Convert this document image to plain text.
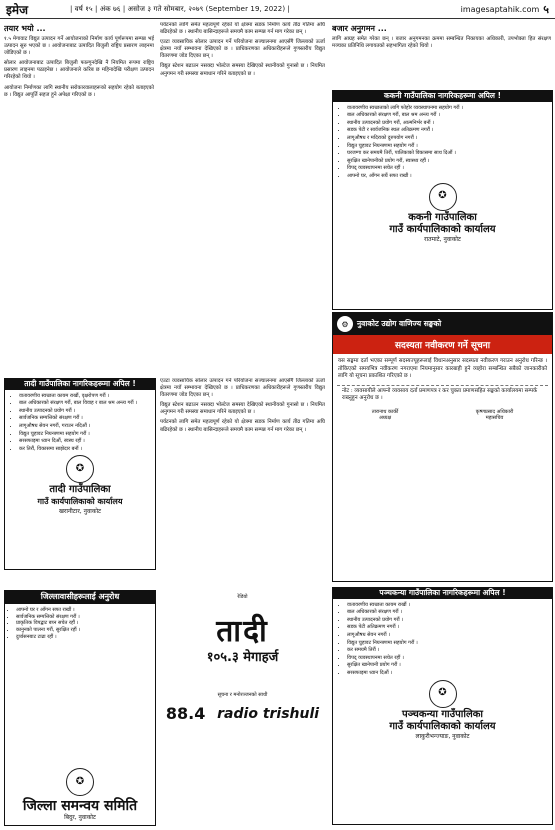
इमेज	| वर्ष १५ | अंक ७६ | असोज ३ गते सोमबार, २०७९ (September 19, 2022) |	imagesaptahik.com ५
तयार भयो ...

१.५ मेगावाट विद्युत उत्पादन गर्ने आयोजनाको निर्माण कार्य पूर्णरूपमा सम्पन्न भई उत्पादन सुरु भएको छ । आयोजनाबाट उत्पादित बिजुली राष्ट्रिय प्रसारण लाइनमा जोडिएको छ ।

सोलार आयोजनाबाट उत्पादित बिजुली फाल्गुनदेखि नै नियमित रूपमा राष्ट्रिय प्रसारण लाइनमा पठाइनेछ । आयोजनाले करिब छ महिनादेखि परीक्षण उत्पादन गरिरहेको थियो ।

आयोजना निर्माणका लागि स्थानीय सरोकारवालाहरूको सहयोग रहेको बताइएको छ । विद्युत आपूर्ति सहज हुने अपेक्षा गरिएको छ ।

पर्यटनको लागि समेत महत्वपूर्ण रहेको यो क्षेत्रमा सडक निर्माण कार्य तीव्र गतिमा अघि बढिरहेको छ । स्थानीय बासिन्दाहरूले समयमै काम सम्पन्न गर्न माग गरेका छन् ।

एउटा व्यवसायिक सोलार उत्पादन गर्ने परियोजना सञ्चालनमा आएसँगै जिल्लाको ऊर्जा क्षेत्रमा नयाँ सम्भावना देखिएको छ । प्राधिकरणका अधिकारीहरूले गुणस्तरीय विद्युत वितरणमा जोड दिएका छन् ।

विद्युत स्टेशन बढाउन नसक्दा भोल्टेज समस्या देखिएको स्थानीयको गुनासो छ । नियमित अनुगमन गरी समस्या समाधान गरिने बताइएको छ ।

बजार अनुगमन ...

लागि आग्रह समेत गरेका छन् । बजार अनुगमनका क्रममा सम्बन्धित निकायका अधिकारी, उपभोक्ता हित संरक्षण मञ्चका प्रतिनिधि लगायतको सहभागिता रहेको थियो ।

ककनी गाउँपालिका नागरिकहरूमा अपिल !
• वातावरणीय स्वच्छताको लागि फोहोर व्यवस्थापनमा सहयोग गरौं ।
• बाल अधिकारको संरक्षण गरौं, बाल श्रम अन्त्य गरौं ।
• स्थानीय उत्पादनको प्रयोग गरौं, आत्मनिर्भर बनौं ।
• सडक पेटी र सार्वजनिक स्थल अतिक्रमण नगरौं ।
• लागूऔषध र मदिराको दुरुपयोग नगरौं ।
• विद्युत चुहावट नियन्त्रणमा सहयोग गरौं ।
• घरजग्गा कर समयमै तिरौं, पालिकाको विकासमा साथ दिऔं ।
• सुरक्षित खानेपानीको प्रयोग गरौं, स्वास्थ्य रहौं ।
• विपद् व्यवस्थापनमा सचेत रहौं ।
• आफ्नो घर, आँगन सधैं सफा राखौं ।
✪
ककनी गाउँपालिका
गाउँ कार्यपालिकाको कार्यालय
रातमाटे, नुवाकोट
⚙	नुवाकोट उद्योग वाणिज्य सङ्घको
सदस्यता नवीकरण गर्ने सूचना
यस सङ्घमा दर्ता भएका सम्पूर्ण सदस्यज्यूहरूलाई विधानअनुसार सदस्यता नवीकरण गराउन अनुरोध गरिन्छ । तोकिएको समयभित्र नवीकरण नगराएमा नियमानुसार कारबाही हुने व्यहोरा सम्बन्धित सबैको जानकारीको लागि यो सूचना प्रकाशित गरिएको छ ।
नोट : व्यवसायीले आफ्नो व्यवसाय दर्ता प्रमाणपत्र र कर चुक्ता प्रमाणसहित सङ्घको कार्यालयमा सम्पर्क राख्नुहुन अनुरोध छ ।
तारानाथ कार्की
अध्यक्ष
कृष्णप्रसाद अधिकारी
महासचिव
तादी गाउँपालिका नागरिकहरूमा अपिल !
• वातावरणीय स्वच्छता कायम राखौं, वृक्षरोपण गरौं ।
• बाल अधिकारको संरक्षण गरौं, बाल विवाह र बाल श्रम अन्त्य गरौं ।
• स्थानीय उत्पादनको प्रयोग गरौं ।
• सार्वजनिक सम्पत्तिको संरक्षण गरौं ।
• लागूऔषध सेवन नगरौं, गराउन नदिऔं ।
• विद्युत चुहावट नियन्त्रणमा सहयोग गरौं ।
• सरसफाइमा ध्यान दिऔं, स्वस्थ रहौं ।
• कर तिरौं, विकासमा साझेदार बनौं ।
✪
तादी गाउँपालिका
गाउँ कार्यपालिकाको कार्यालय
खरानीटार, नुवाकोट
जिल्लावासीहरूलाई अनुरोध
• आफ्नो घर र आँगन सफा राखौं ।
• सार्वजनिक सम्पत्तिको संरक्षण गरौं ।
• प्राकृतिक विपद्बाट बच्न सचेत रहौं ।
• कानुनको पालना गरौं, सुरक्षित रहौं ।
• दुर्व्यसनबाट टाढा रहौं ।
✪
जिल्ला समन्वय समिति
बिदुर, नुवाकोट
रेडियो
तादी
१०५.३ मेगाहर्ज
सूचना र मनोरञ्जनको साथी
88.4 radio trishuli
पञ्चकन्या गाउँपालिका नागरिकहरूमा अपिल !
• वातावरणीय स्वच्छता कायम राखौं ।
• बाल अधिकारको संरक्षण गरौं ।
• स्थानीय उत्पादनको प्रयोग गरौं ।
• सडक पेटी अतिक्रमण नगरौं ।
• लागूऔषध सेवन नगरौं ।
• विद्युत चुहावट नियन्त्रणमा सहयोग गरौं ।
• कर समयमै तिरौं ।
• विपद् व्यवस्थापनमा सचेत रहौं ।
• सुरक्षित खानेपानी प्रयोग गरौं ।
• सरसफाइमा ध्यान दिऔं ।
✪
पञ्चकन्या गाउँपालिका
गाउँ कार्यपालिकाको कार्यालय
लाकुरीभन्ज्याङ, नुवाकोट

एउटा व्यवसायिक सोलार उत्पादन गर्ने परियोजना सञ्चालनमा आएसँगै जिल्लाको ऊर्जा क्षेत्रमा नयाँ सम्भावना देखिएको छ । प्राधिकरणका अधिकारीहरूले गुणस्तरीय विद्युत वितरणमा जोड दिएका छन् ।

विद्युत स्टेशन बढाउन नसक्दा भोल्टेज समस्या देखिएको स्थानीयको गुनासो छ । नियमित अनुगमन गरी समस्या समाधान गरिने बताइएको छ ।

पर्यटनको लागि समेत महत्वपूर्ण रहेको यो क्षेत्रमा सडक निर्माण कार्य तीव्र गतिमा अघि बढिरहेको छ । स्थानीय बासिन्दाहरूले समयमै काम सम्पन्न गर्न माग गरेका छन् ।
